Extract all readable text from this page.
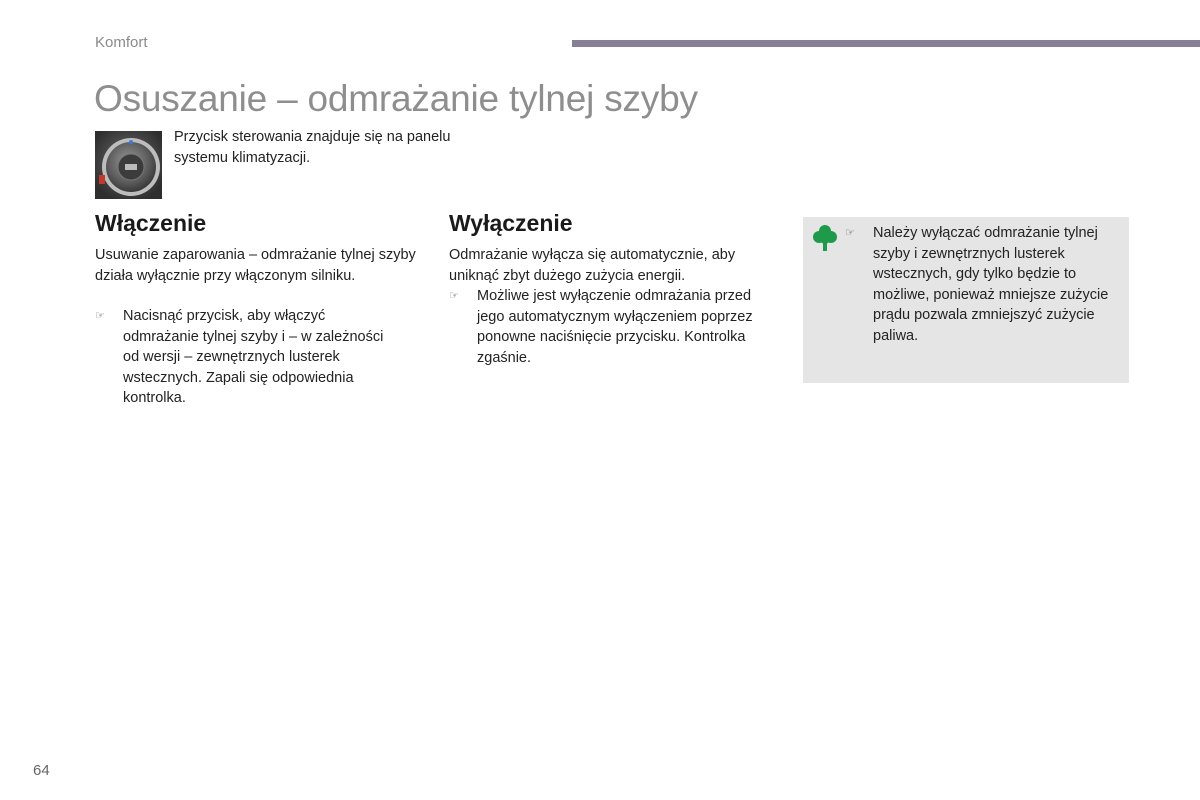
Komfort
Osuszanie – odmrażanie tylnej szyby
Przycisk sterowania znajduje się na panelu systemu klimatyzacji.
Włączenie

Usuwanie zaparowania – odmrażanie tylnej szyby działa wyłącznie przy włączonym silniku.

☞	Nacisnąć przycisk, aby włączyć odmrażanie tylnej szyby i – w zależności od wersji – zewnętrznych lusterek wstecznych. Zapali się odpowiednia kontrolka.
Wyłączenie

Odmrażanie wyłącza się automatycznie, aby uniknąć zbyt dużego zużycia energii.

☞	Możliwe jest wyłączenie odmrażania przed jego automatycznym wyłączeniem poprzez ponowne naciśnięcie przycisku. Kontrolka zgaśnie.
☞	Należy wyłączać odmrażanie tylnej szyby i zewnętrznych lusterek wstecznych, gdy tylko będzie to możliwe, ponieważ mniejsze zużycie prądu pozwala zmniejszyć zużycie paliwa.
64
